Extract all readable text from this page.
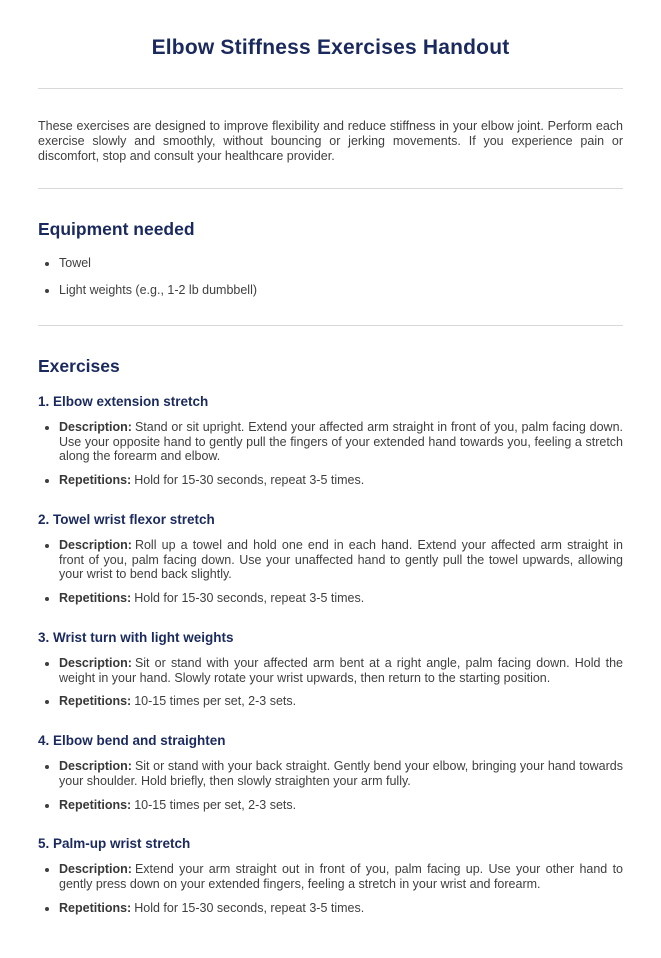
Elbow Stiffness Exercises Handout

These exercises are designed to improve flexibility and reduce stiffness in your elbow joint. Perform each exercise slowly and smoothly, without bouncing or jerking movements. If you experience pain or discomfort, stop and consult your healthcare provider.

Equipment needed
• Towel
• Light weights (e.g., 1-2 lb dumbbell)
Exercises
1. Elbow extension stretch
• Description: Stand or sit upright. Extend your affected arm straight in front of you, palm facing down. Use your opposite hand to gently pull the fingers of your extended hand towards you, feeling a stretch along the forearm and elbow.
• Repetitions: Hold for 15-30 seconds, repeat 3-5 times.
2. Towel wrist flexor stretch
• Description: Roll up a towel and hold one end in each hand. Extend your affected arm straight in front of you, palm facing down. Use your unaffected hand to gently pull the towel upwards, allowing your wrist to bend back slightly.
• Repetitions: Hold for 15-30 seconds, repeat 3-5 times.
3. Wrist turn with light weights
• Description: Sit or stand with your affected arm bent at a right angle, palm facing down. Hold the weight in your hand. Slowly rotate your wrist upwards, then return to the starting position.
• Repetitions: 10-15 times per set, 2-3 sets.
4. Elbow bend and straighten
• Description: Sit or stand with your back straight. Gently bend your elbow, bringing your hand towards your shoulder. Hold briefly, then slowly straighten your arm fully.
• Repetitions: 10-15 times per set, 2-3 sets.
5. Palm-up wrist stretch
• Description: Extend your arm straight out in front of you, palm facing up. Use your other hand to gently press down on your extended fingers, feeling a stretch in your wrist and forearm.
• Repetitions: Hold for 15-30 seconds, repeat 3-5 times.
